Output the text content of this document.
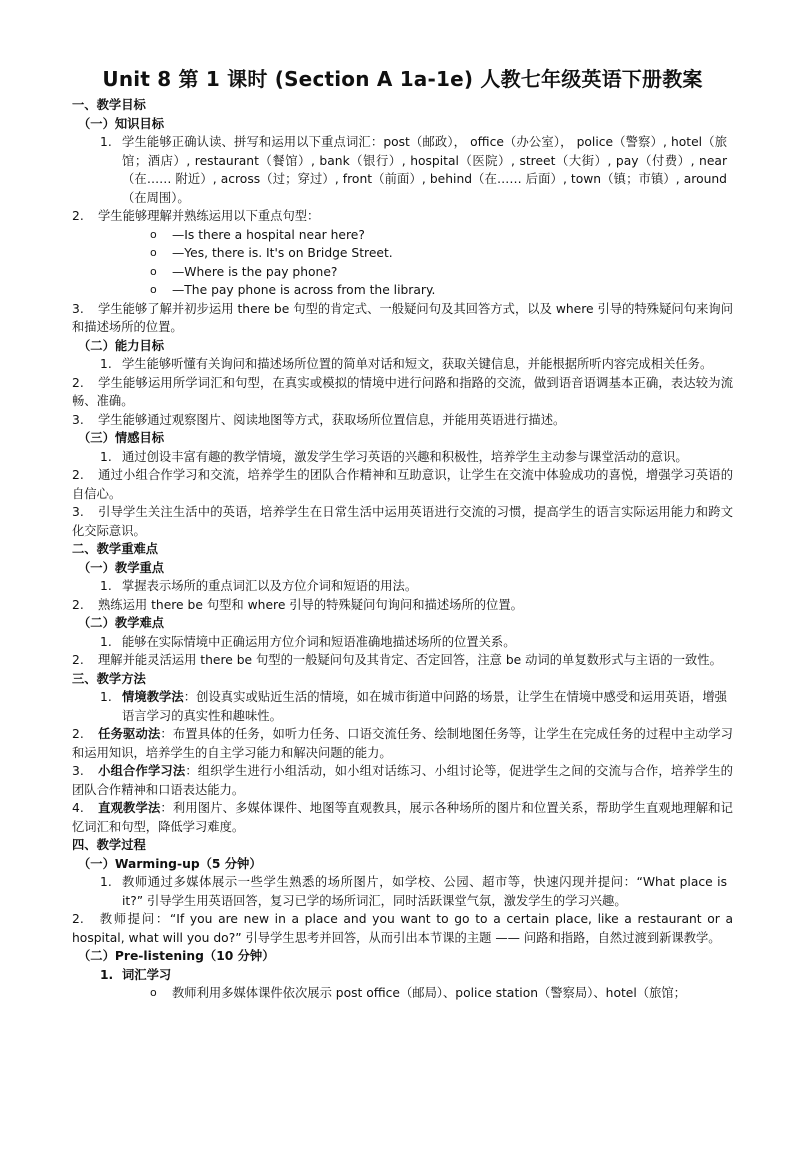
Unit 8 第 1 课时 (Section A 1a-1e) 人教七年级英语下册教案
一、教学目标
（一）知识目标
1. 学生能够正确认读、拼写和运用以下重点词汇：post（邮政）， office（办公室）， police（警察）, hotel（旅馆；酒店）, restaurant（餐馆）, bank（银行）, hospital（医院）, street（大街）, pay（付费）, near（在…… 附近）, across（过；穿过）, front（前面）, behind（在…… 后面）, town（镇；市镇）, around（在周围）。
2. 学生能够理解并熟练运用以下重点句型：
o —Is there a hospital near here?
o —Yes, there is. It's on Bridge Street.
o —Where is the pay phone?
o —The pay phone is across from the library.
3. 学生能够了解并初步运用 there be 句型的肯定式、一般疑问句及其回答方式，以及 where 引导的特殊疑问句来询问和描述场所的位置。
（二）能力目标
1. 学生能够听懂有关询问和描述场所位置的简单对话和短文，获取关键信息，并能根据所听内容完成相关任务。
2. 学生能够运用所学词汇和句型，在真实或模拟的情境中进行问路和指路的交流，做到语音语调基本正确，表达较为流畅、准确。
3. 学生能够通过观察图片、阅读地图等方式，获取场所位置信息，并能用英语进行描述。
（三）情感目标
1. 通过创设丰富有趣的教学情境，激发学生学习英语的兴趣和积极性，培养学生主动参与课堂活动的意识。
2. 通过小组合作学习和交流，培养学生的团队合作精神和互助意识，让学生在交流中体验成功的喜悦，增强学习英语的自信心。
3. 引导学生关注生活中的英语，培养学生在日常生活中运用英语进行交流的习惯，提高学生的语言实际运用能力和跨文化交际意识。
二、教学重难点
（一）教学重点
1. 掌握表示场所的重点词汇以及方位介词和短语的用法。
2. 熟练运用 there be 句型和 where 引导的特殊疑问句询问和描述场所的位置。
（二）教学难点
1. 能够在实际情境中正确运用方位介词和短语准确地描述场所的位置关系。
2. 理解并能灵活运用 there be 句型的一般疑问句及其肯定、否定回答，注意 be 动词的单复数形式与主语的一致性。
三、教学方法
1. 情境教学法：创设真实或贴近生活的情境，如在城市街道中问路的场景，让学生在情境中感受和运用英语，增强语言学习的真实性和趣味性。
2. 任务驱动法：布置具体的任务，如听力任务、口语交流任务、绘制地图任务等，让学生在完成任务的过程中主动学习和运用知识，培养学生的自主学习能力和解决问题的能力。
3. 小组合作学习法：组织学生进行小组活动，如小组对话练习、小组讨论等，促进学生之间的交流与合作，培养学生的团队合作精神和口语表达能力。
4. 直观教学法：利用图片、多媒体课件、地图等直观教具，展示各种场所的图片和位置关系，帮助学生直观地理解和记忆词汇和句型，降低学习难度。
四、教学过程
（一）Warming-up（5 分钟）
1. 教师通过多媒体展示一些学生熟悉的场所图片，如学校、公园、超市等，快速闪现并提问：“What place is it?” 引导学生用英语回答，复习已学的场所词汇，同时活跃课堂气氛，激发学生的学习兴趣。
2. 教师提问：“If you are new in a place and you want to go to a certain place, like a restaurant or a hospital, what will you do?” 引导学生思考并回答，从而引出本节课的主题 —— 问路和指路，自然过渡到新课教学。
（二）Pre-listening（10 分钟）
1. 词汇学习
o 教师利用多媒体课件依次展示 post office（邮局）、police station（警察局）、hotel（旅馆；
